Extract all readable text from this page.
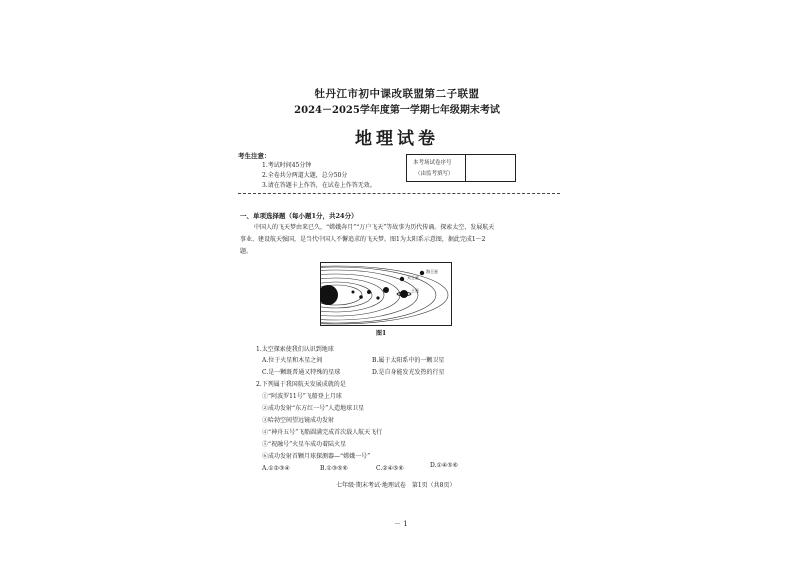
牡丹江市初中课改联盟第二子联盟
2024－2025学年度第一学期七年级期末考试
地理试卷
考生注意：
1.考试时间45分钟
2.全卷共分两道大题，总分50分
3.请在答题卡上作答，在试卷上作答无效。
本考场试卷序号
（由监考填写）
一、单项选择题（每小题1分，共24分）
中国人的飞天梦由来已久，“嫦娥奔月”“万户飞天”等故事为历代传诵。探索太空、发展航天
事业、建设航天强国，是当代中国人不懈追求的飞天梦。图1为太阳系示意图，据此完成1～2
题。
天王星
海王星
土星
图1
1.太空探索使我们认识到地球
A.位于火星和木星之间	B.属于太阳系中的一颗卫星
C.是一颗既普通又特殊的星球	D.是自身能发光发热的行星
2.下列属于我国航天发展成就的是
①“阿波罗11号”飞船登上月球
②成功发射“东方红一号”人造地球卫星
③哈勃空间望远镜成功发射
④“神舟五号”飞船圆满完成首次载人航天飞行
⑤“祝融号”火星车成功着陆火星
⑥成功发射首颗月球探测器—“嫦娥一号”
A.①②③④	B.①③⑤⑥	C.②④⑤⑥	D.①④⑤⑥
七年级·期末考试·地理试卷　第1页（共8页）
－ 1
